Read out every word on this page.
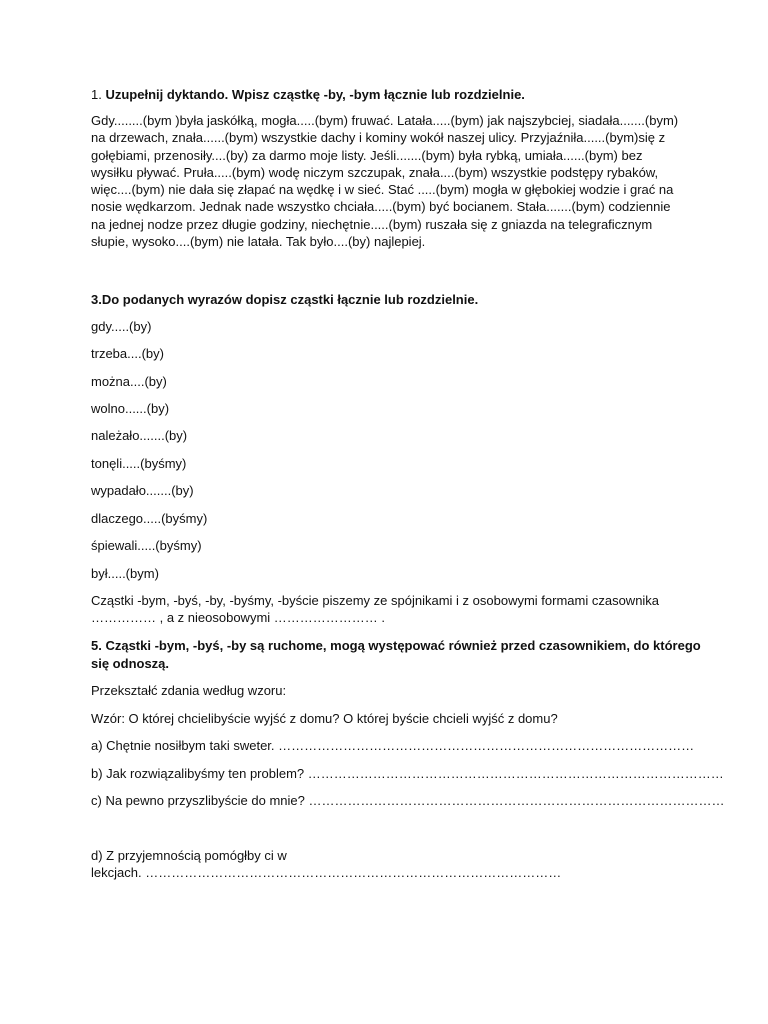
1. Uzupełnij dyktando. Wpisz cząstkę -by, -bym łącznie lub rozdzielnie.
Gdy........(bym )była jaskółką, mogła.....(bym) fruwać. Latała.....(bym) jak najszybciej, siadała.......(bym) na drzewach, znała......(bym) wszystkie dachy i kominy wokół naszej ulicy. Przyjaźniła......(bym)się z gołębiami, przenosiły....(by) za darmo moje listy. Jeśli.......(bym) była rybką, umiała......(bym) bez wysiłku pływać. Pruła.....(bym) wodę niczym szczupak, znała....(bym) wszystkie podstępy rybaków, więc....(bym) nie dała się złapać na wędkę i w sieć. Stać .....(bym) mogła w głębokiej wodzie i grać na nosie wędkarzom. Jednak nade wszystko chciała.....(bym) być bocianem. Stała.......(bym) codziennie na jednej nodze przez długie godziny, niechętnie.....(bym) ruszała się z gniazda na telegraficznym słupie, wysoko....(bym) nie latała. Tak było....(by) najlepiej.
3.Do podanych wyrazów dopisz cząstki łącznie lub rozdzielnie.
gdy.....(by)
trzeba....(by)
można....(by)
wolno......(by)
należało.......(by)
tonęli.....(byśmy)
wypadało.......(by)
dlaczego.....(byśmy)
śpiewali.....(byśmy)
był.....(bym)
Cząstki -bym, -byś, -by, -byśmy, -byście piszemy ze spójnikami i z osobowymi formami czasownika
…………… , a z nieosobowymi …………………… .
5. Cząstki -bym, -byś, -by są ruchome, mogą występować również przed czasownikiem, do którego
się odnoszą.
Przekształć zdania według wzoru:
Wzór: O której chcielibyście wyjść z domu? O której byście chcieli wyjść z domu?
a) Chętnie nosiłbym taki sweter. ……………………………………………………………………………………
b) Jak rozwiązalibyśmy ten problem? ……………………………………………………………………………………
c) Na pewno przyszlibyście do mnie? ……………………………………………………………………………………
d) Z przyjemnością pomógłby ci w
lekcjach. ……………………………………………………………………………………
